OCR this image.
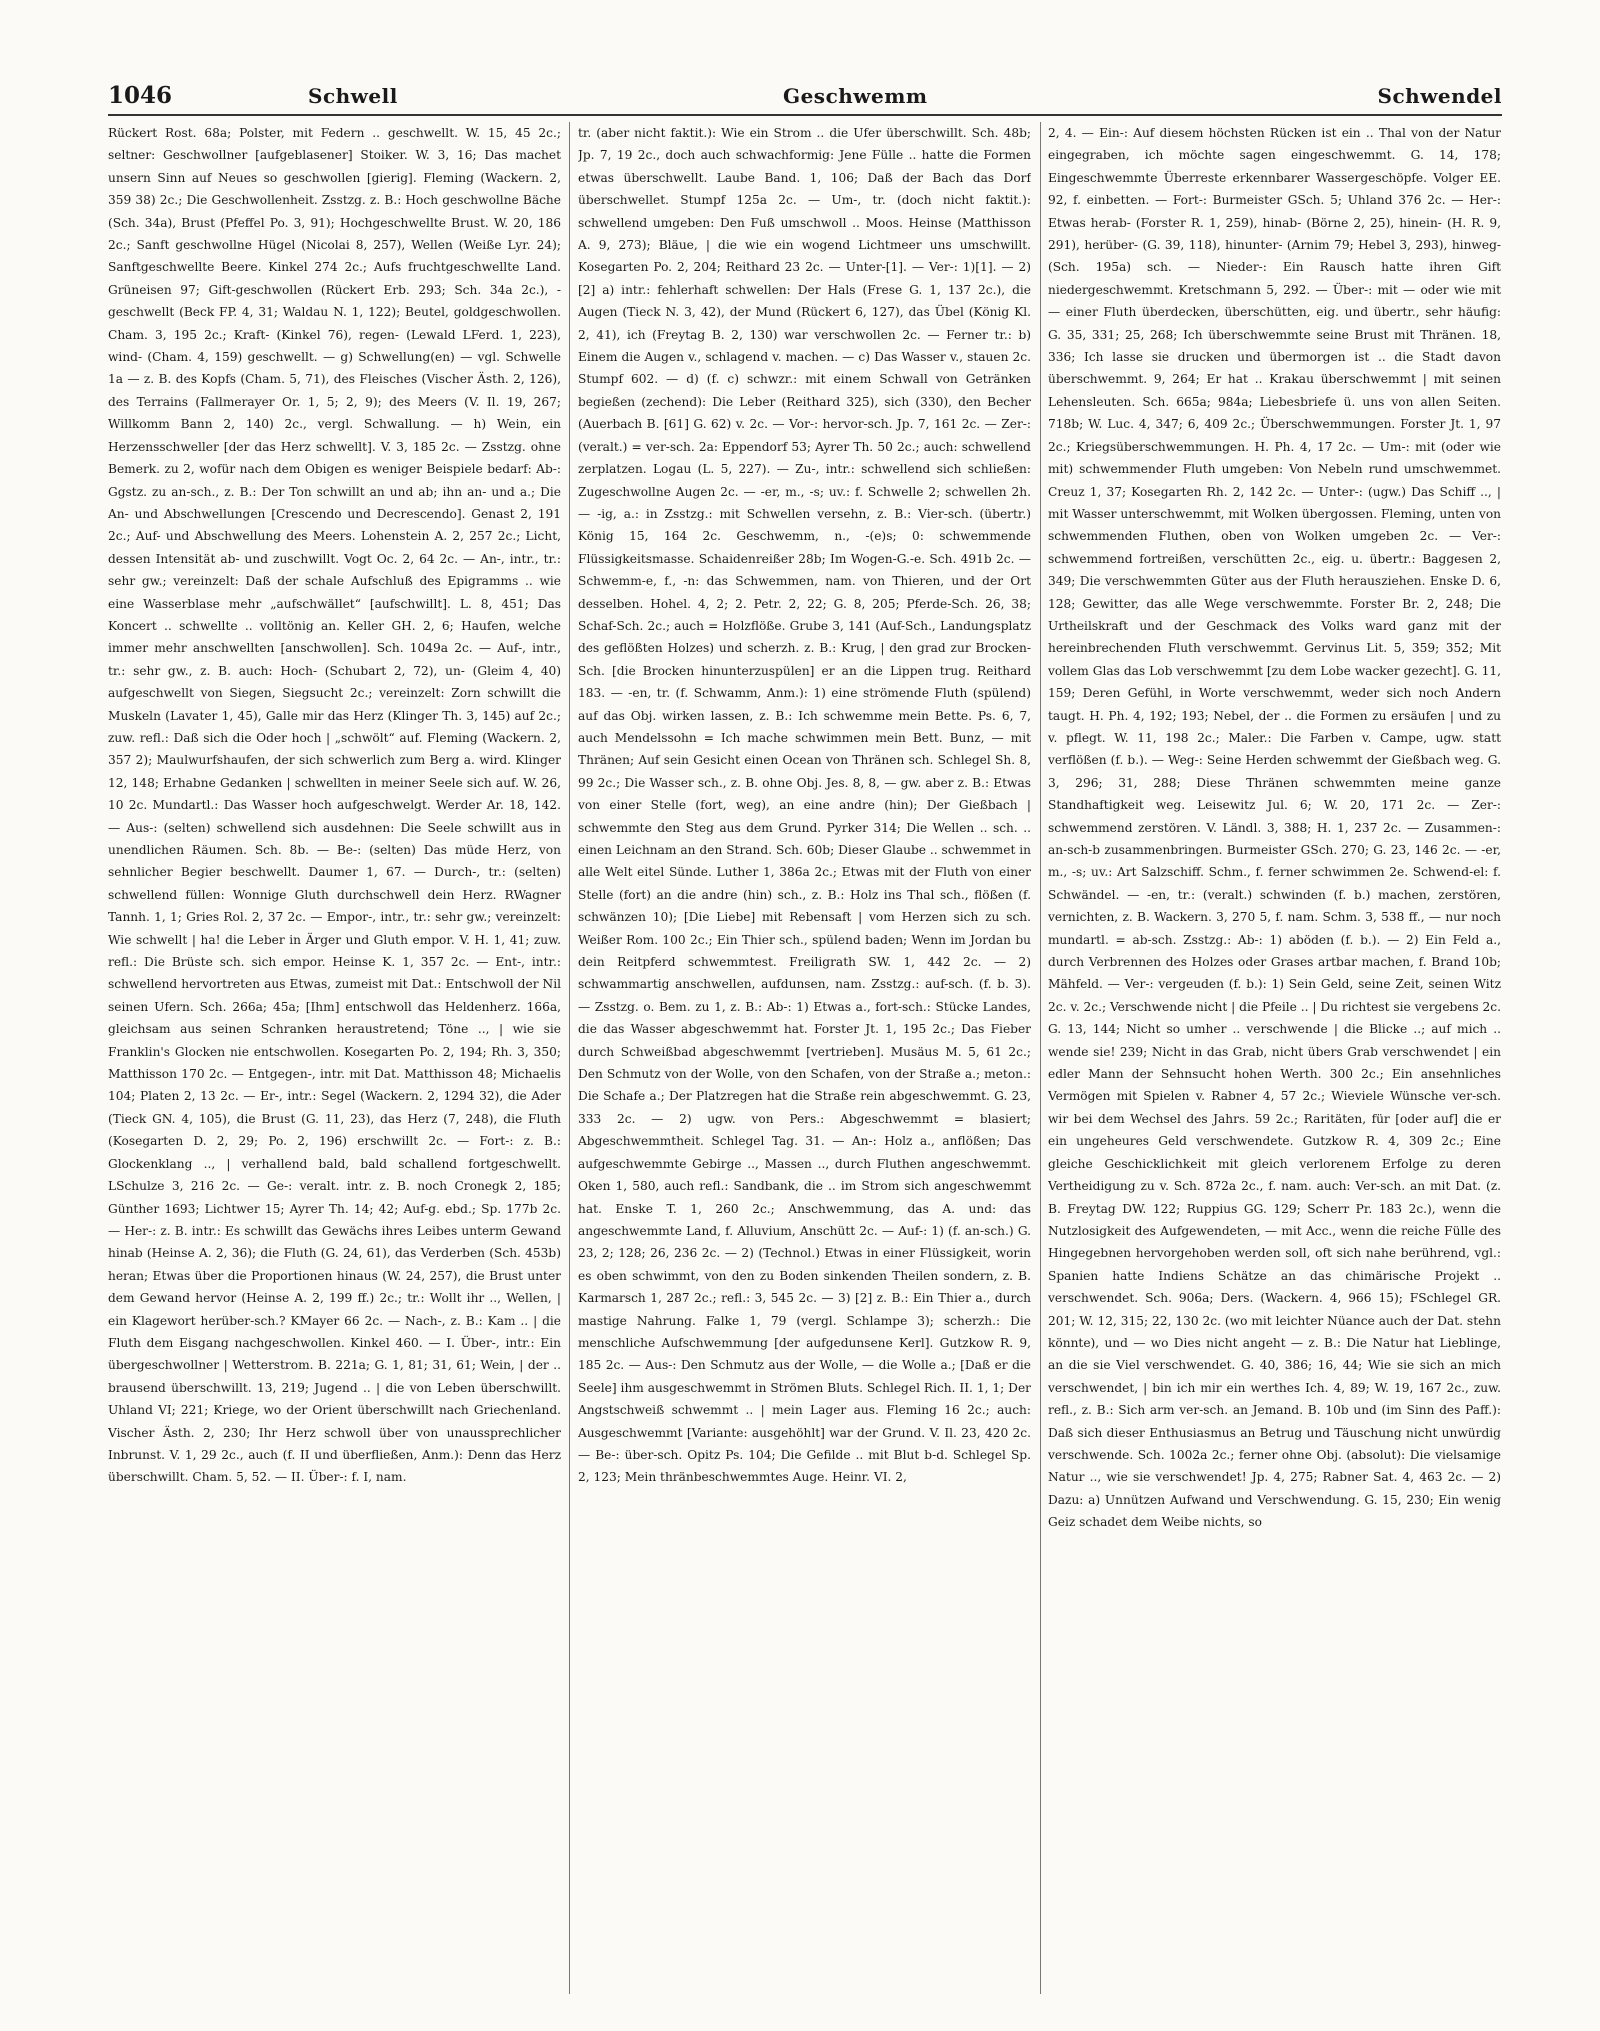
1046	Schwell	Geschwemm	Schwendel

Rückert Rost. 68a; Polster, mit Federn .. geschwellt. W. 15, 45 2c.; seltner: Geschwollner [aufgeblasener] Stoiker. W. 3, 16; Das machet unsern Sinn auf Neues so geschwollen [gierig]. Fleming (Wackern. 2, 359 38) 2c.; Die Geschwollenheit. Zsstzg. z. B.: Hoch geschwollne Bäche (Sch. 34a), Brust (Pfeffel Po. 3, 91); Hochgeschwellte Brust. W. 20, 186 2c.; Sanft geschwollne Hügel (Nicolai 8, 257), Wellen (Weiße Lyr. 24); Sanftgeschwellte Beere. Kinkel 274 2c.; Aufs fruchtgeschwellte Land. Grüneisen 97; Gift-geschwollen (Rückert Erb. 293; Sch. 34a 2c.), -geschwellt (Beck FP. 4, 31; Waldau N. 1, 122); Beutel, goldgeschwollen. Cham. 3, 195 2c.; Kraft- (Kinkel 76), regen- (Lewald LFerd. 1, 223), wind- (Cham. 4, 159) geschwellt. — g) Schwellung(en) — vgl. Schwelle 1a — z. B. des Kopfs (Cham. 5, 71), des Fleisches (Vischer Ästh. 2, 126), des Terrains (Fallmerayer Or. 1, 5; 2, 9); des Meers (V. Il. 19, 267; Willkomm Bann 2, 140) 2c., vergl. Schwallung. — h) Wein, ein Herzensschweller [der das Herz schwellt]. V. 3, 185 2c. — Zsstzg. ohne Bemerk. zu 2, wofür nach dem Obigen es weniger Beispiele bedarf: Ab-: Ggstz. zu an-sch., z. B.: Der Ton schwillt an und ab; ihn an- und a.; Die An- und Abschwellungen [Crescendo und Decrescendo]. Genast 2, 191 2c.; Auf- und Abschwellung des Meers. Lohenstein A. 2, 257 2c.; Licht, dessen Intensität ab- und zuschwillt. Vogt Oc. 2, 64 2c. — An-, intr., tr.: sehr gw.; vereinzelt: Daß der schale Aufschluß des Epigramms .. wie eine Wasserblase mehr „aufschwället“ [aufschwillt]. L. 8, 451; Das Koncert .. schwellte .. volltönig an. Keller GH. 2, 6; Haufen, welche immer mehr anschwellten [anschwollen]. Sch. 1049a 2c. — Auf-, intr., tr.: sehr gw., z. B. auch: Hoch- (Schubart 2, 72), un- (Gleim 4, 40) aufgeschwellt von Siegen, Siegsucht 2c.; vereinzelt: Zorn schwillt die Muskeln (Lavater 1, 45), Galle mir das Herz (Klinger Th. 3, 145) auf 2c.; zuw. refl.: Daß sich die Oder hoch | „schwölt“ auf. Fleming (Wackern. 2, 357 2); Maulwurfshaufen, der sich schwerlich zum Berg a. wird. Klinger 12, 148; Erhabne Gedanken | schwellten in meiner Seele sich auf. W. 26, 10 2c. Mundartl.: Das Wasser hoch aufgeschwelgt. Werder Ar. 18, 142. — Aus-: (selten) schwellend sich ausdehnen: Die Seele schwillt aus in unendlichen Räumen. Sch. 8b. — Be-: (selten) Das müde Herz, von sehnlicher Begier beschwellt. Daumer 1, 67. — Durch-, tr.: (selten) schwellend füllen: Wonnige Gluth durchschwell dein Herz. RWagner Tannh. 1, 1; Gries Rol. 2, 37 2c. — Empor-, intr., tr.: sehr gw.; vereinzelt: Wie schwellt | ha! die Leber in Ärger und Gluth empor. V. H. 1, 41; zuw. refl.: Die Brüste sch. sich empor. Heinse K. 1, 357 2c. — Ent-, intr.: schwellend hervortreten aus Etwas, zumeist mit Dat.: Entschwoll der Nil seinen Ufern. Sch. 266a; 45a; [Ihm] entschwoll das Heldenherz. 166a, gleichsam aus seinen Schranken heraustretend; Töne .., | wie sie Franklin's Glocken nie entschwollen. Kosegarten Po. 2, 194; Rh. 3, 350; Matthisson 170 2c. — Entgegen-, intr. mit Dat. Matthisson 48; Michaelis 104; Platen 2, 13 2c. — Er-, intr.: Segel (Wackern. 2, 1294 32), die Ader (Tieck GN. 4, 105), die Brust (G. 11, 23), das Herz (7, 248), die Fluth (Kosegarten D. 2, 29; Po. 2, 196) erschwillt 2c. — Fort-: z. B.: Glockenklang .., | verhallend bald, bald schallend fortgeschwellt. LSchulze 3, 216 2c. — Ge-: veralt. intr. z. B. noch Cronegk 2, 185; Günther 1693; Lichtwer 15; Ayrer Th. 14; 42; Auf-g. ebd.; Sp. 177b 2c. — Her-: z. B. intr.: Es schwillt das Gewächs ihres Leibes unterm Gewand hinab (Heinse A. 2, 36); die Fluth (G. 24, 61), das Verderben (Sch. 453b) heran; Etwas über die Proportionen hinaus (W. 24, 257), die Brust unter dem Gewand hervor (Heinse A. 2, 199 ff.) 2c.; tr.: Wollt ihr .., Wellen, | ein Klagewort herüber-sch.? KMayer 66 2c. — Nach-, z. B.: Kam .. | die Fluth dem Eisgang nachgeschwollen. Kinkel 460. — I. Über-, intr.: Ein übergeschwollner | Wetterstrom. B. 221a; G. 1, 81; 31, 61; Wein, | der .. brausend überschwillt. 13, 219; Jugend .. | die von Leben überschwillt. Uhland VI; 221; Kriege, wo der Orient überschwillt nach Griechenland. Vischer Ästh. 2, 230; Ihr Herz schwoll über von unaussprechlicher Inbrunst. V. 1, 29 2c., auch (f. II und überfließen, Anm.): Denn das Herz überschwillt. Cham. 5, 52. — II. Über-: f. I, nam.

tr. (aber nicht faktit.): Wie ein Strom .. die Ufer überschwillt. Sch. 48b; Jp. 7, 19 2c., doch auch schwachformig: Jene Fülle .. hatte die Formen etwas überschwellt. Laube Band. 1, 106; Daß der Bach das Dorf überschwellet. Stumpf 125a 2c. — Um-, tr. (doch nicht faktit.): schwellend umgeben: Den Fuß umschwoll .. Moos. Heinse (Matthisson A. 9, 273); Bläue, | die wie ein wogend Lichtmeer uns umschwillt. Kosegarten Po. 2, 204; Reithard 23 2c. — Unter-[1]. — Ver-: 1)[1]. — 2)[2] a) intr.: fehlerhaft schwellen: Der Hals (Frese G. 1, 137 2c.), die Augen (Tieck N. 3, 42), der Mund (Rückert 6, 127), das Übel (König Kl. 2, 41), ich (Freytag B. 2, 130) war verschwollen 2c. — Ferner tr.: b) Einem die Augen v., schlagend v. machen. — c) Das Wasser v., stauen 2c. Stumpf 602. — d) (f. c) schwzr.: mit einem Schwall von Getränken begießen (zechend): Die Leber (Reithard 325), sich (330), den Becher (Auerbach B. [61] G. 62) v. 2c. — Vor-: hervor-sch. Jp. 7, 161 2c. — Zer-: (veralt.) = ver-sch. 2a: Eppendorf 53; Ayrer Th. 50 2c.; auch: schwellend zerplatzen. Logau (L. 5, 227). — Zu-, intr.: schwellend sich schließen: Zugeschwollne Augen 2c. — -er, m., -s; uv.: f. Schwelle 2; schwellen 2h. — -ig, a.: in Zsstzg.: mit Schwellen versehn, z. B.: Vier-sch. (übertr.) König 15, 164 2c. Geschwemm, n., -(e)s; 0: schwemmende Flüssigkeitsmasse. Schaidenreißer 28b; Im Wogen-G.-e. Sch. 491b 2c. — Schwemm-e, f., -n: das Schwemmen, nam. von Thieren, und der Ort desselben. Hohel. 4, 2; 2. Petr. 2, 22; G. 8, 205; Pferde-Sch. 26, 38; Schaf-Sch. 2c.; auch = Holzflöße. Grube 3, 141 (Auf-Sch., Landungsplatz des geflößten Holzes) und scherzh. z. B.: Krug, | den grad zur Brocken-Sch. [die Brocken hinunterzuspülen] er an die Lippen trug. Reithard 183. — -en, tr. (f. Schwamm, Anm.): 1) eine strömende Fluth (spülend) auf das Obj. wirken lassen, z. B.: Ich schwemme mein Bette. Ps. 6, 7, auch Mendelssohn = Ich mache schwimmen mein Bett. Bunz, — mit Thränen; Auf sein Gesicht einen Ocean von Thränen sch. Schlegel Sh. 8, 99 2c.; Die Wasser sch., z. B. ohne Obj. Jes. 8, 8, — gw. aber z. B.: Etwas von einer Stelle (fort, weg), an eine andre (hin); Der Gießbach | schwemmte den Steg aus dem Grund. Pyrker 314; Die Wellen .. sch. .. einen Leichnam an den Strand. Sch. 60b; Dieser Glaube .. schwemmet in alle Welt eitel Sünde. Luther 1, 386a 2c.; Etwas mit der Fluth von einer Stelle (fort) an die andre (hin) sch., z. B.: Holz ins Thal sch., flößen (f. schwänzen 10); [Die Liebe] mit Rebensaft | vom Herzen sich zu sch. Weißer Rom. 100 2c.; Ein Thier sch., spülend baden; Wenn im Jordan bu dein Reitpferd schwemmtest. Freiligrath SW. 1, 442 2c. — 2) schwammartig anschwellen, aufdunsen, nam. Zsstzg.: auf-sch. (f. b. 3). — Zsstzg. o. Bem. zu 1, z. B.: Ab-: 1) Etwas a., fort-sch.: Stücke Landes, die das Wasser abgeschwemmt hat. Forster Jt. 1, 195 2c.; Das Fieber durch Schweißbad abgeschwemmt [vertrieben]. Musäus M. 5, 61 2c.; Den Schmutz von der Wolle, von den Schafen, von der Straße a.; meton.: Die Schafe a.; Der Platzregen hat die Straße rein abgeschwemmt. G. 23, 333 2c. — 2) ugw. von Pers.: Abgeschwemmt = blasiert; Abgeschwemmtheit. Schlegel Tag. 31. — An-: Holz a., anflößen; Das aufgeschwemmte Gebirge .., Massen .., durch Fluthen angeschwemmt. Oken 1, 580, auch refl.: Sandbank, die .. im Strom sich angeschwemmt hat. Enske T. 1, 260 2c.; Anschwemmung, das A. und: das angeschwemmte Land, f. Alluvium, Anschütt 2c. — Auf-: 1) (f. an-sch.) G. 23, 2; 128; 26, 236 2c. — 2) (Technol.) Etwas in einer Flüssigkeit, worin es oben schwimmt, von den zu Boden sinkenden Theilen sondern, z. B. Karmarsch 1, 287 2c.; refl.: 3, 545 2c. — 3) [2] z. B.: Ein Thier a., durch mastige Nahrung. Falke 1, 79 (vergl. Schlampe 3); scherzh.: Die menschliche Aufschwemmung [der aufgedunsene Kerl]. Gutzkow R. 9, 185 2c. — Aus-: Den Schmutz aus der Wolle, — die Wolle a.; [Daß er die Seele] ihm ausgeschwemmt in Strömen Bluts. Schlegel Rich. II. 1, 1; Der Angstschweiß schwemmt .. | mein Lager aus. Fleming 16 2c.; auch: Ausgeschwemmt [Variante: ausgehöhlt] war der Grund. V. Il. 23, 420 2c. — Be-: über-sch. Opitz Ps. 104; Die Gefilde .. mit Blut b-d. Schlegel Sp. 2, 123; Mein thränbeschwemmtes Auge. Heinr. VI. 2,

2, 4. — Ein-: Auf diesem höchsten Rücken ist ein .. Thal von der Natur eingegraben, ich möchte sagen eingeschwemmt. G. 14, 178; Eingeschwemmte Überreste erkennbarer Wassergeschöpfe. Volger EE. 92, f. einbetten. — Fort-: Burmeister GSch. 5; Uhland 376 2c. — Her-: Etwas herab- (Forster R. 1, 259), hinab- (Börne 2, 25), hinein- (H. R. 9, 291), herüber- (G. 39, 118), hinunter- (Arnim 79; Hebel 3, 293), hinweg- (Sch. 195a) sch. — Nieder-: Ein Rausch hatte ihren Gift niedergeschwemmt. Kretschmann 5, 292. — Über-: mit — oder wie mit — einer Fluth überdecken, überschütten, eig. und übertr., sehr häufig: G. 35, 331; 25, 268; Ich überschwemmte seine Brust mit Thränen. 18, 336; Ich lasse sie drucken und übermorgen ist .. die Stadt davon überschwemmt. 9, 264; Er hat .. Krakau überschwemmt | mit seinen Lehensleuten. Sch. 665a; 984a; Liebesbriefe ü. uns von allen Seiten. 718b; W. Luc. 4, 347; 6, 409 2c.; Überschwemmungen. Forster Jt. 1, 97 2c.; Kriegsüberschwemmungen. H. Ph. 4, 17 2c. — Um-: mit (oder wie mit) schwemmender Fluth umgeben: Von Nebeln rund umschwemmet. Creuz 1, 37; Kosegarten Rh. 2, 142 2c. — Unter-: (ugw.) Das Schiff .., | mit Wasser unterschwemmt, mit Wolken übergossen. Fleming, unten von schwemmenden Fluthen, oben von Wolken umgeben 2c. — Ver-: schwemmend fortreißen, verschütten 2c., eig. u. übertr.: Baggesen 2, 349; Die verschwemmten Güter aus der Fluth herausziehen. Enske D. 6, 128; Gewitter, das alle Wege verschwemmte. Forster Br. 2, 248; Die Urtheilskraft und der Geschmack des Volks ward ganz mit der hereinbrechenden Fluth verschwemmt. Gervinus Lit. 5, 359; 352; Mit vollem Glas das Lob verschwemmt [zu dem Lobe wacker gezecht]. G. 11, 159; Deren Gefühl, in Worte verschwemmt, weder sich noch Andern taugt. H. Ph. 4, 192; 193; Nebel, der .. die Formen zu ersäufen | und zu v. pflegt. W. 11, 198 2c.; Maler.: Die Farben v. Campe, ugw. statt verflößen (f. b.). — Weg-: Seine Herden schwemmt der Gießbach weg. G. 3, 296; 31, 288; Diese Thränen schwemmten meine ganze Standhaftigkeit weg. Leisewitz Jul. 6; W. 20, 171 2c. — Zer-: schwemmend zerstören. V. Ländl. 3, 388; H. 1, 237 2c. — Zusammen-: an-sch-b zusammenbringen. Burmeister GSch. 270; G. 23, 146 2c. — -er, m., -s; uv.: Art Salzschiff. Schm., f. ferner schwimmen 2e. Schwend-el: f. Schwändel. — -en, tr.: (veralt.) schwinden (f. b.) machen, zerstören, vernichten, z. B. Wackern. 3, 270 5, f. nam. Schm. 3, 538 ff., — nur noch mundartl. = ab-sch. Zsstzg.: Ab-: 1) aböden (f. b.). — 2) Ein Feld a., durch Verbrennen des Holzes oder Grases artbar machen, f. Brand 10b; Mähfeld. — Ver-: vergeuden (f. b.): 1) Sein Geld, seine Zeit, seinen Witz 2c. v. 2c.; Verschwende nicht | die Pfeile .. | Du richtest sie vergebens 2c. G. 13, 144; Nicht so umher .. verschwende | die Blicke ..; auf mich .. wende sie! 239; Nicht in das Grab, nicht übers Grab verschwendet | ein edler Mann der Sehnsucht hohen Werth. 300 2c.; Ein ansehnliches Vermögen mit Spielen v. Rabner 4, 57 2c.; Wieviele Wünsche ver-sch. wir bei dem Wechsel des Jahrs. 59 2c.; Raritäten, für [oder auf] die er ein ungeheures Geld verschwendete. Gutzkow R. 4, 309 2c.; Eine gleiche Geschicklichkeit mit gleich verlorenem Erfolge zu deren Vertheidigung zu v. Sch. 872a 2c., f. nam. auch: Ver-sch. an mit Dat. (z. B. Freytag DW. 122; Ruppius GG. 129; Scherr Pr. 183 2c.), wenn die Nutzlosigkeit des Aufgewendeten, — mit Acc., wenn die reiche Fülle des Hingegebnen hervorgehoben werden soll, oft sich nahe berührend, vgl.: Spanien hatte Indiens Schätze an das chimärische Projekt .. verschwendet. Sch. 906a; Ders. (Wackern. 4, 966 15); FSchlegel GR. 201; W. 12, 315; 22, 130 2c. (wo mit leichter Nüance auch der Dat. stehn könnte), und — wo Dies nicht angeht — z. B.: Die Natur hat Lieblinge, an die sie Viel verschwendet. G. 40, 386; 16, 44; Wie sie sich an mich verschwendet, | bin ich mir ein werthes Ich. 4, 89; W. 19, 167 2c., zuw. refl., z. B.: Sich arm ver-sch. an Jemand. B. 10b und (im Sinn des Paff.): Daß sich dieser Enthusiasmus an Betrug und Täuschung nicht unwürdig verschwende. Sch. 1002a 2c.; ferner ohne Obj. (absolut): Die vielsamige Natur .., wie sie verschwendet! Jp. 4, 275; Rabner Sat. 4, 463 2c. — 2) Dazu: a) Unnützen Aufwand und Verschwendung. G. 15, 230; Ein wenig Geiz schadet dem Weibe nichts, so
